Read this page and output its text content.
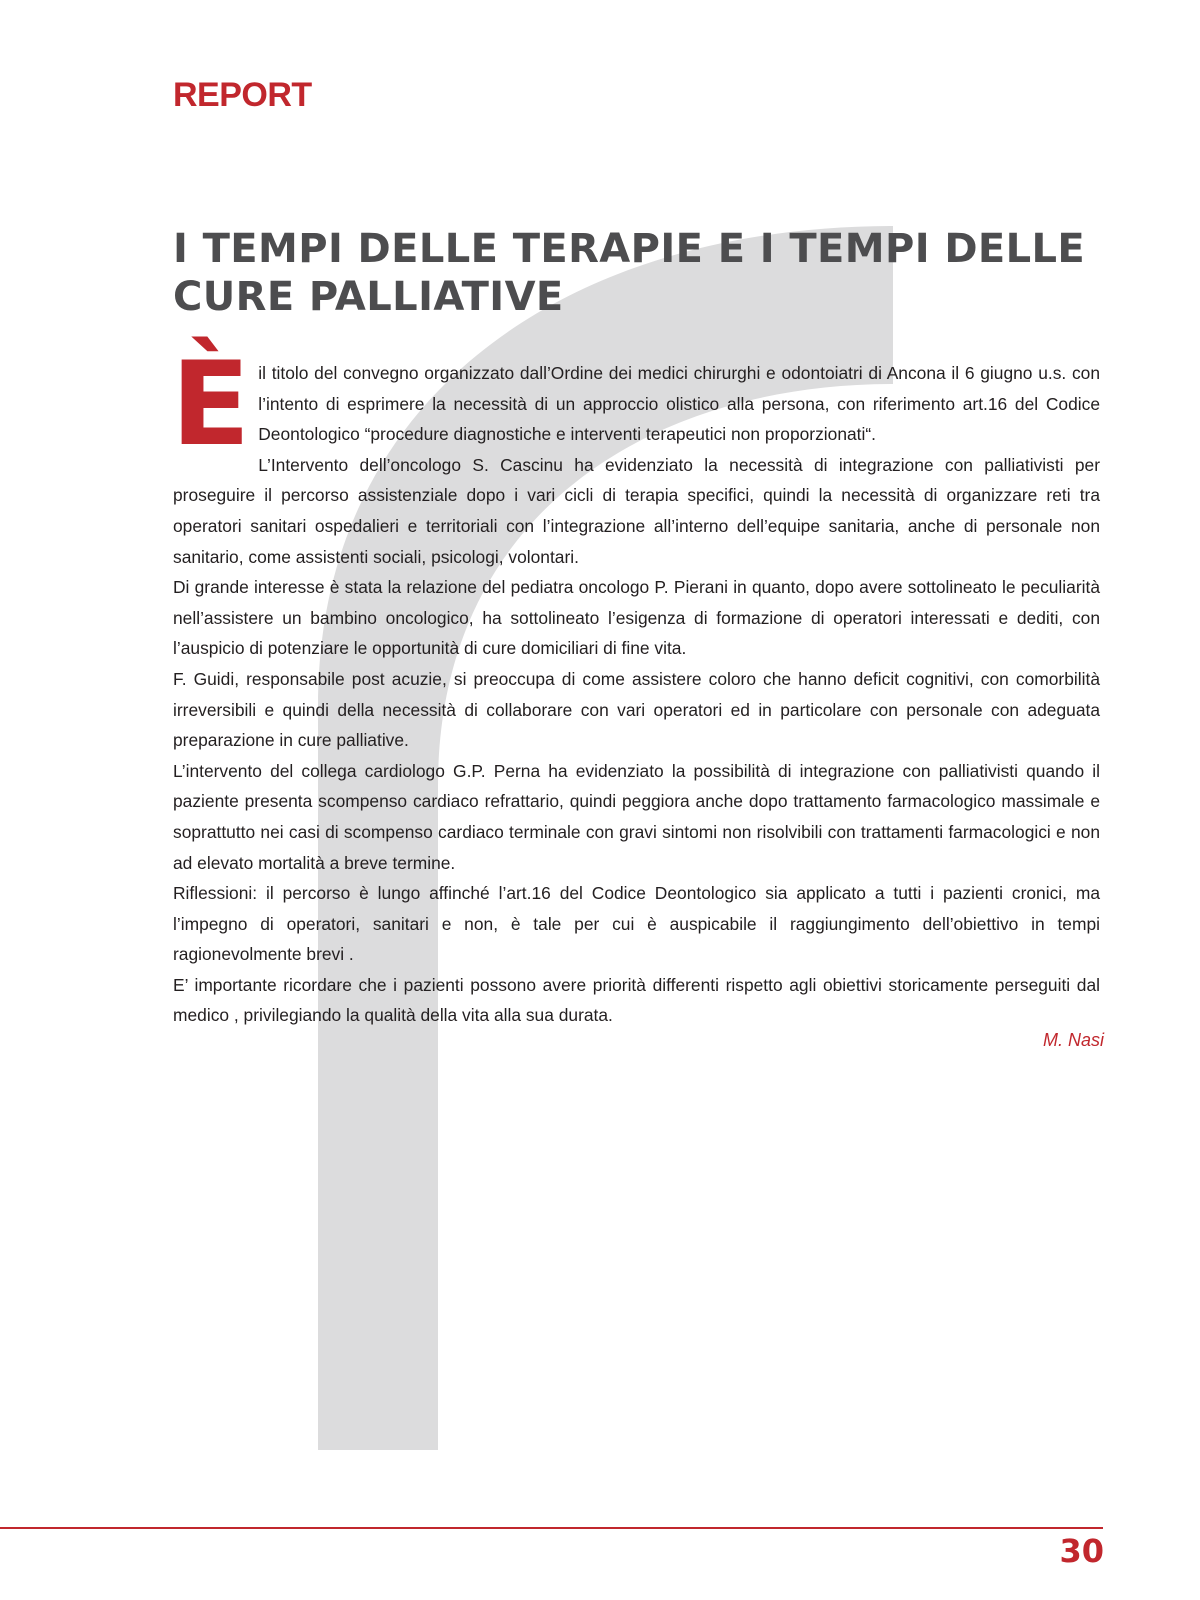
REPORT

I TEMPI DELLE TERAPIE E I TEMPI DELLE
CURE PALLIATIVE

È il titolo del convegno organizzato dall’Ordine dei medici chirurghi e odontoiatri di Ancona il 6 giugno u.s. con l’intento di esprimere la necessità di un approccio olistico alla persona, con riferimento art.16 del Codice Deontologico “procedure diagnostiche e interventi terapeutici non proporzionati“.

L’Intervento dell’oncologo S. Cascinu ha evidenziato la necessità di integrazione con palliativisti per proseguire il percorso assistenziale dopo i vari cicli di terapia specifici, quindi la necessità di organizzare reti tra operatori sanitari ospedalieri e territoriali con l’integrazione all’interno dell’equipe sanitaria, anche di personale non sanitario, come assistenti sociali, psicologi, volontari.

Di grande interesse è stata la relazione del pediatra oncologo P. Pierani in quanto, dopo avere sottolineato le peculiarità nell’assistere un bambino oncologico, ha sottolineato l’esigenza di formazione di operatori interessati e dediti, con l’auspicio di potenziare le opportunità di cure domiciliari di fine vita.

F. Guidi, responsabile post acuzie, si preoccupa di come assistere coloro che hanno deficit cognitivi, con comorbilità irreversibili e quindi della necessità di collaborare con vari operatori ed in particolare con personale con adeguata preparazione in cure palliative.

L’intervento del collega cardiologo G.P. Perna ha evidenziato la possibilità di integrazione con palliativisti quando il paziente presenta scompenso cardiaco refrattario, quindi peggiora anche dopo trattamento farmacologico massimale e soprattutto nei casi di scompenso cardiaco terminale con gravi sintomi non risolvibili con trattamenti farmacologici e non ad elevato mortalità a breve termine.

Riflessioni: il percorso è lungo affinché l’art.16 del Codice Deontologico sia applicato a tutti i pazienti cronici, ma l’impegno di operatori, sanitari e non, è tale per cui è auspicabile il raggiungimento dell’obiettivo in tempi ragionevolmente brevi .

E’ importante ricordare che i pazienti possono avere priorità differenti rispetto agli obiettivi storicamente perseguiti dal medico , privilegiando la qualità della vita alla sua durata.

M. Nasi

30
